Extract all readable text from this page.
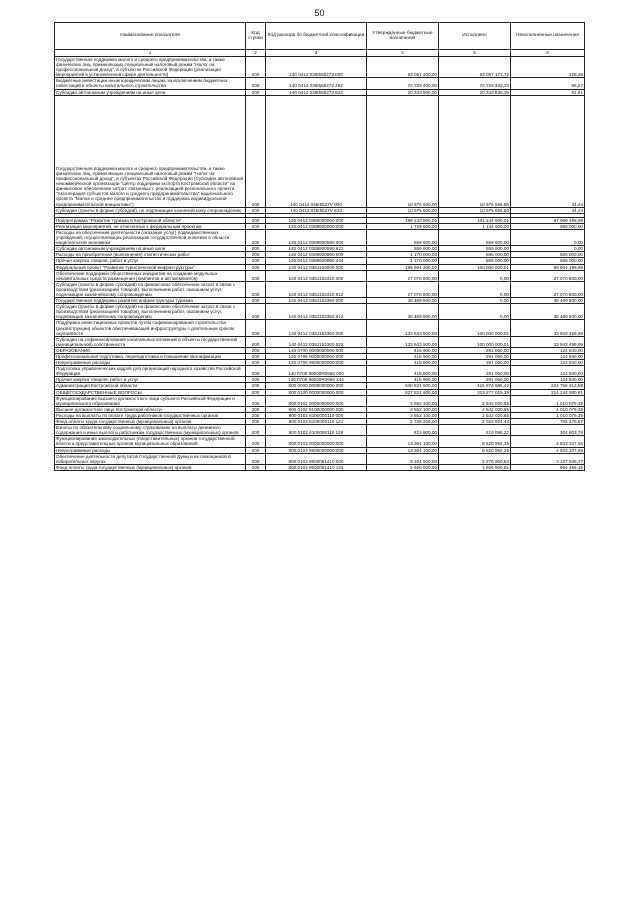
50
Наименование показателя	Код строки	Код расхода по бюджетной классификации	Утвержденные бюджетные назначения	Исполнено	Неисполненные назначения
1	2	3	4	5	6
Государственная поддержка малого и среднего предпринимательства, а также физических лиц, применяющих специальный налоговый режим "Налог на профессиональный доход", в субъектах Российской Федерации (реализация мероприятий в установленной сфере деятельности)	200	140 0412 036I555272 000	93 067 300,00	93 067 171,72	128,28
Бюджетные инвестиции иным юридическим лицам, за исключением бюджетных инвестиций в объекты капитального строительства	200	140 0412 036I555272 452	72 733 400,00	72 733 333,33	66,67
Субсидии автономным учреждениям на иные цели	200	140 0412 036I555272 622	20 333 900,00	20 333 838,39	61,61
Государственная поддержка малого и среднего предпринимательства, а также физических лиц, применяющих специальный налоговый режим "Налог на профессиональный доход", в субъектах Российской Федерации (Субсидия автономной некоммерческой организации "Центр поддержки экспорта Костромской области" на финансовое обеспечение затрат, связанных с реализацией регионального проекта "Акселерация субъектов малого и среднего предпринимательства" национального проекта "Малое и среднее предпринимательство и поддержка индивидуальной предпринимательской инициативы")	200	140 0412 036I5527V 000	10 975 600,00	10 975 555,56	44,44
Субсидии (гранты в форме субсидий), не подлежащие казначейскому сопровождению	200	140 0412 036I5527V 633	10 975 600,00	10 975 555,56	44,44

Подпрограмма "Развитие туризма в Костромской области"	200	140 0412 0380000000 000	198 233 800,00	101 144 600,01	97 089 199,99
Реализация мероприятий, не отнесенных к федеральным проектам	200	140 0412 0389900000 000	1 729 600,00	1 144 600,00	585 000,00
Расходы на обеспечение деятельности (оказание услуг) подведомственных учреждений, осуществляющих реализацию государственной политики в области национальной экономики	200	140 0412 0389900590 000	559 600,00	559 600,00	0,00
Субсидии автономным учреждениям на иные цели	200	140 0412 0389900590 622	559 600,00	559 600,00	0,00
Расходы на приобретение (выполнение) статистических работ	200	140 0412 0389920860 000	1 170 000,00	585 000,00	585 000,00
Прочая закупка товаров, работ и услуг	200	140 0412 0389920860 244	1 170 000,00	585 000,00	585 000,00
Федеральный проект "Развитие туристической инфраструктуры"	200	140 0412 038J100000 000	196 504 200,00	100 000 000,01	96 504 199,99
Обеспечение поддержки общественных инициатив на создание модульных некапитальных средств размещения (кемпингов и автокемпингов)	200	140 0412 038J153310 000	27 070 800,00	0,00	27 070 800,00
Субсидии (гранты в форме субсидий) на финансовое обеспечение затрат в связи с производством (реализацией товаров), выполнением работ, оказанием услуг, подлежащие казначейскому сопровождению	200	140 0412 038J153310 812	27 070 800,00	0,00	27 070 800,00
Государственная поддержка развития инфраструктуры туризма	200	140 0412 038J153350 000	35 489 900,00	0,00	35 489 900,00
Субсидии (гранты в форме субсидий) на финансовое обеспечение затрат в связи с производством (реализацией товаров), выполнением работ, оказанием услуг, подлежащие казначейскому сопровождению	200	140 0412 038J153350 812	35 489 900,00	0,00	35 489 900,00
Поддержка инвестиционных проектов путем софинансирования строительства (реконструкции) объектов обеспечивающей инфраструктуры с длительным сроком окупаемости	200	140 0412 038J153360 000	133 943 500,00	100 000 000,01	33 943 499,99
Субсидии на софинансирование капитальных вложений в объекты государственной (муниципальной) собственности	200	140 0412 038J153360 522	133 943 500,00	100 000 000,01	33 943 499,99
ОБРАЗОВАНИЕ	200	140 0700 0000000000 000	415 900,00	291 060,00	124 840,00
Профессиональная подготовка, переподготовка и повышение квалификации	200	140 0705 0000000000 000	415 900,00	291 060,00	124 840,00
Непрограммные расходы	200	140 0705 9900000000 000	415 900,00	291 060,00	124 840,00
Подготовка управленческих кадров для организаций народного хозяйства Российской Федерации	200	140 0705 99000R0660 000	415 900,00	291 060,00	124 840,00
Прочая закупка товаров, работ и услуг	200	140 0705 99000R0660 244	415 900,00	291 060,00	124 840,00
Администрация Костромской области	200	800 0000 0000000000 000	640 631 600,00	415 874 686,42	224 756 913,58
ОБЩЕГОСУДАРСТВЕННЫЕ ВОПРОСЫ	200	800 0100 0000000000 000	527 521 600,00	313 277 019,39	214 244 580,61
Функционирование высшего должностного лица субъекта Российской Федерации и муниципального образования	200	800 0102 0000000000 000	3 552 100,00	2 542 020,65	1 010 079,35
Высшее должностное лицо Костромской области	200	800 0102 6100000000 000	3 552 100,00	2 542 020,65	1 010 079,35
Расходы на выплаты по оплате труда работников государственных органов	200	800 0102 6100000110 000	3 552 100,00	2 542 020,65	1 010 079,35
Фонд оплаты труда государственных (муниципальных) органов	200	800 0102 6100000110 121	2 728 200,00	2 022 924,43	705 275,57
Взносы по обязательному социальному страхованию на выплаты денежного содержания и иные выплаты работникам государственных (муниципальных) органов	200	800 0102 6100000110 129	823 900,00	519 096,22	304 803,78
Функционирование законодательных (представительных) органов государственной власти и представительных органов муниципальных образований	200	800 0103 0000000000 000	13 364 100,00	8 520 992,35	4 843 107,65
Непрограммные расходы	200	800 0103 9900000000 000	13 364 100,00	8 520 992,35	4 843 107,65
Обеспечение деятельности депутатов Государственной Думы и их помощников в избирательных округах	200	800 0103 9900051410 000	5 104 500,00	2 976 950,63	2 127 549,37
Фонд оплаты труда государственных (муниципальных) органов	200	800 0103 9900051410 121	2 920 000,00	1 925 500,81	994 499,19
